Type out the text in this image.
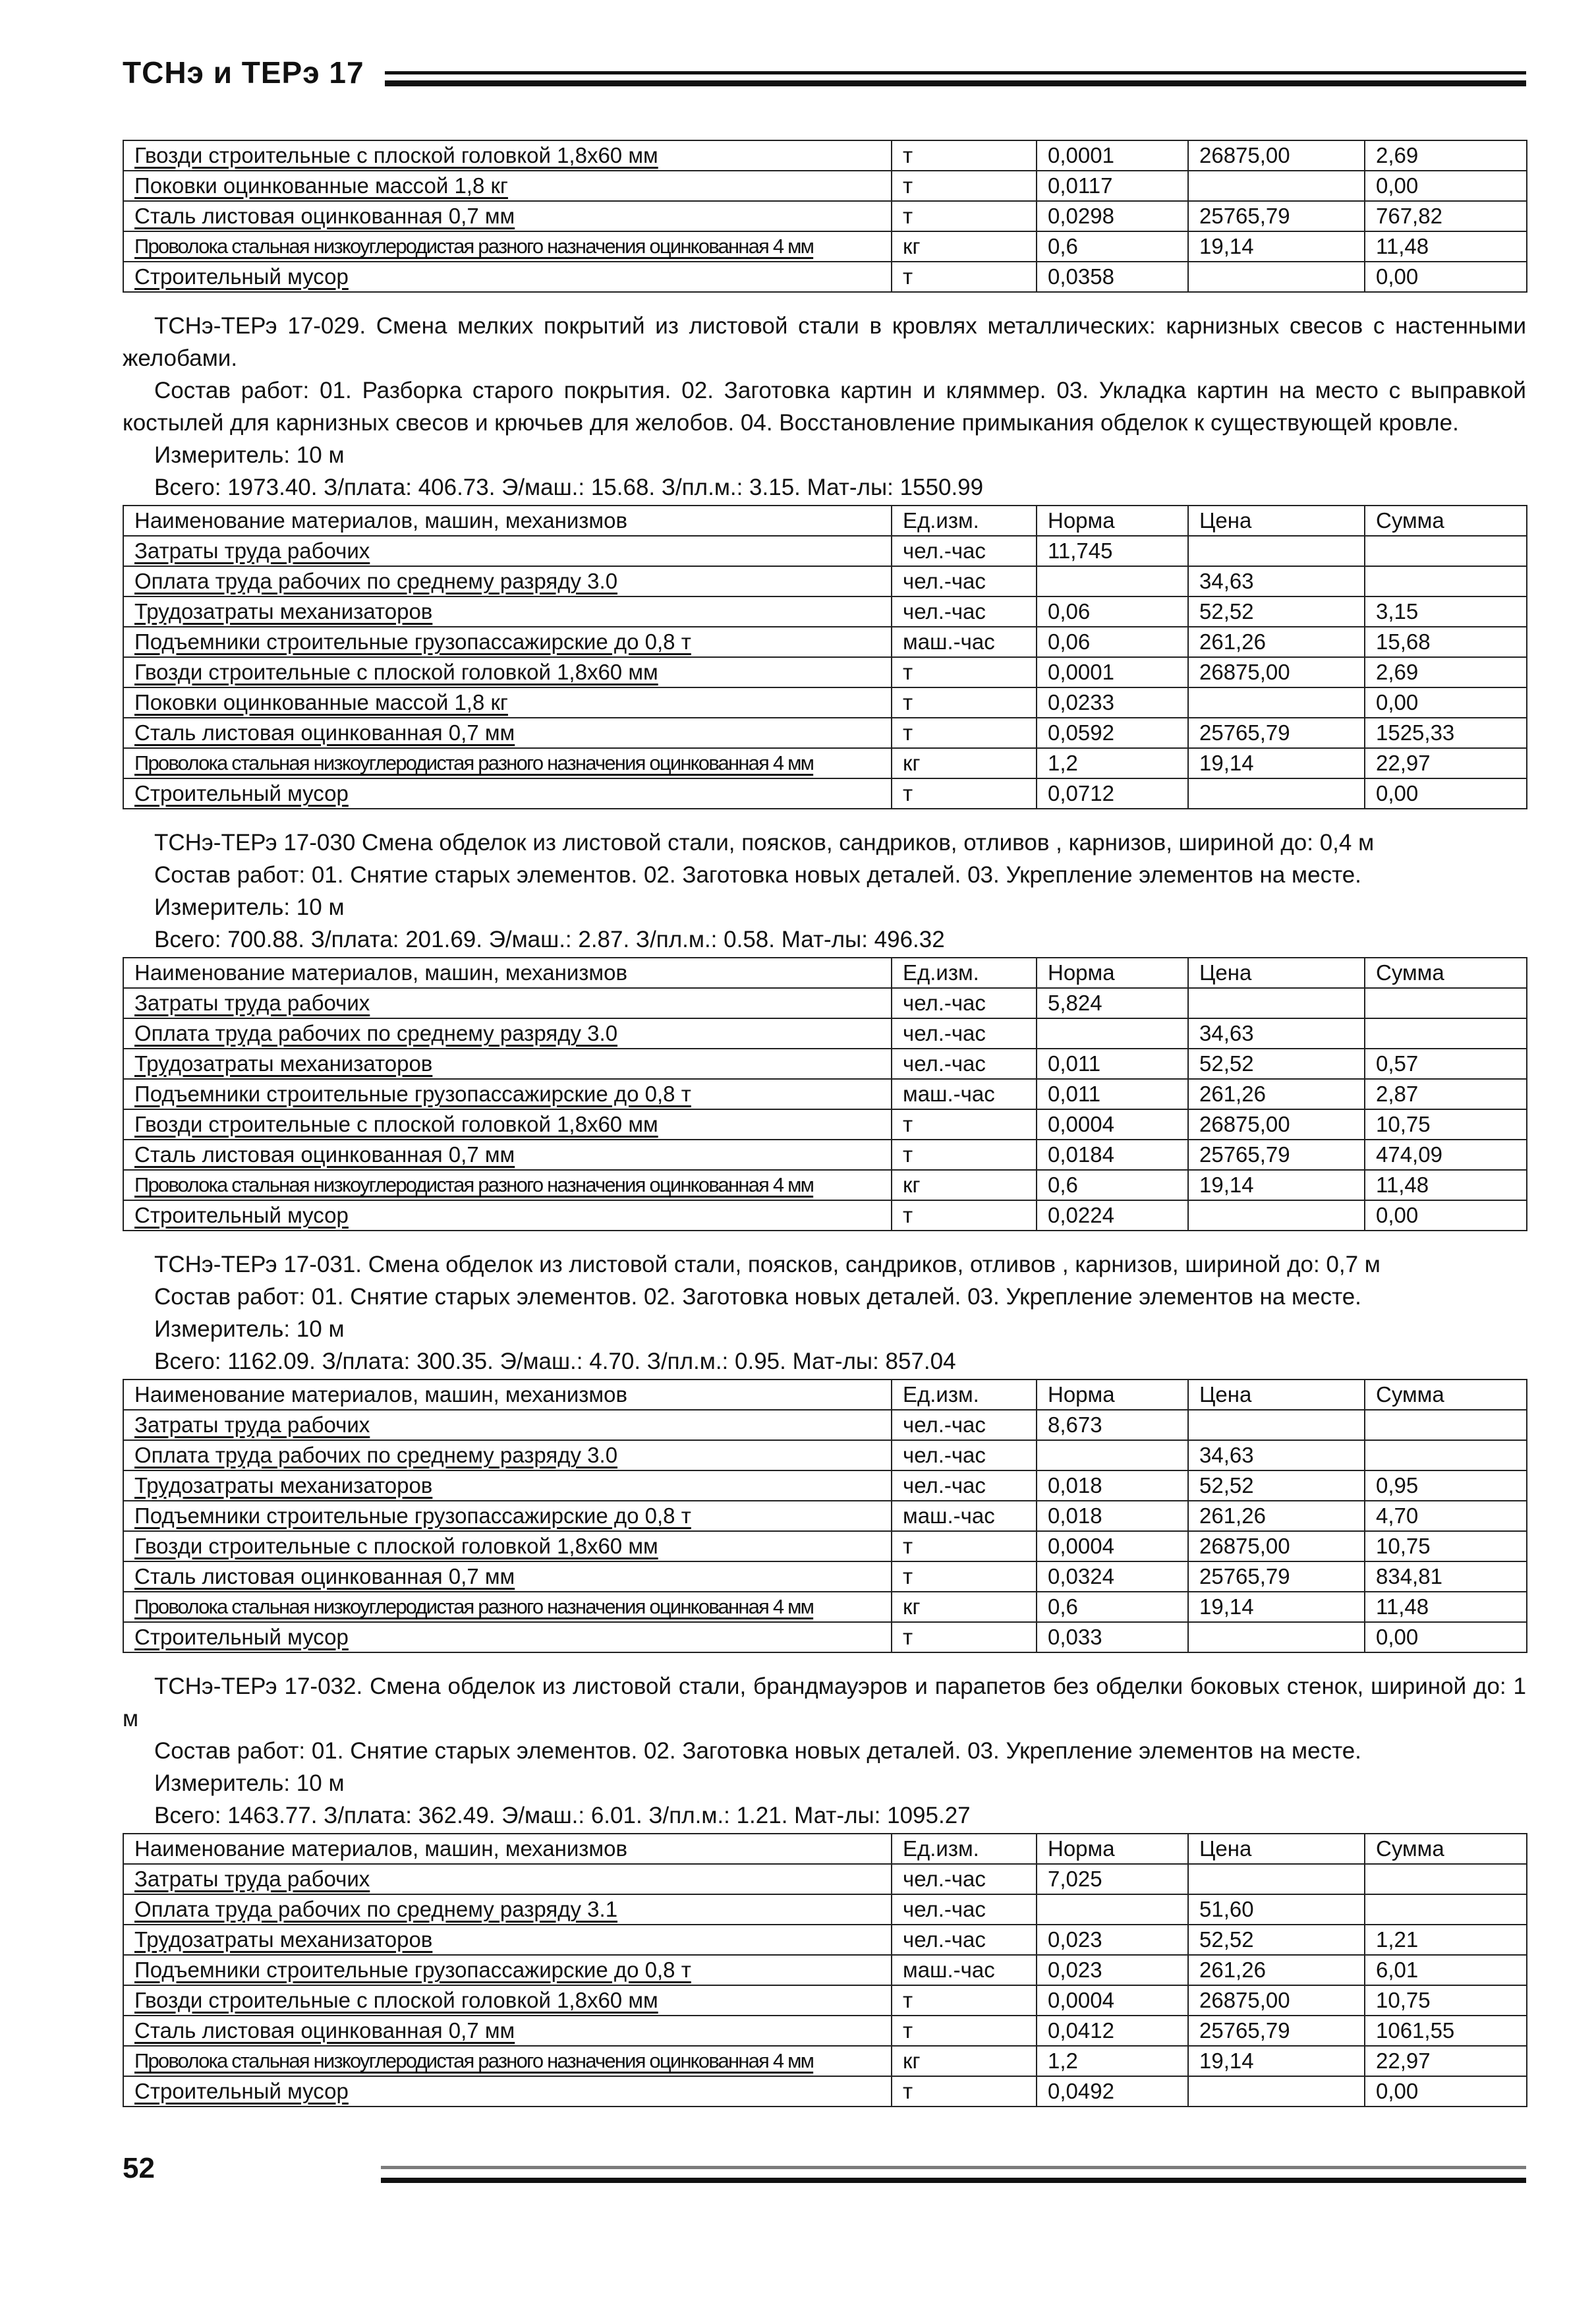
ТСНэ и ТЕРэ 17
Гвозди строительные с плоской головкой 1,8х60 мм	т	0,0001	26875,00	2,69
Поковки оцинкованные массой 1,8 кг	т	0,0117		0,00
Сталь листовая оцинкованная 0,7 мм	т	0,0298	25765,79	767,82
Проволока стальная низкоуглеродистая разного назначения оцинкованная 4 мм	кг	0,6	19,14	11,48
Строительный мусор	т	0,0358		0,00

ТСНэ-ТЕРэ 17-029. Смена мелких покрытий из листовой стали в кровлях металлических: карнизных свесов с настенными желобами.

Состав работ: 01. Разборка старого покрытия. 02. Заготовка картин и кляммер. 03. Укладка картин на место с выправкой костылей для карнизных свесов и крючьев для желобов. 04. Восстановление примыкания обделок к существующей кровле.

Измеритель: 10 м

Всего: 1973.40. З/плата: 406.73. Э/маш.: 15.68. З/пл.м.: 3.15. Мат-лы: 1550.99

Наименование материалов, машин, механизмов	Ед.изм.	Норма	Цена	Сумма
Затраты труда рабочих	чел.-час	11,745		
Оплата труда рабочих по среднему разряду 3.0	чел.-час		34,63	
Трудозатраты механизаторов	чел.-час	0,06	52,52	3,15
Подъемники строительные грузопассажирские до 0,8 т	маш.-час	0,06	261,26	15,68
Гвозди строительные с плоской головкой 1,8х60 мм	т	0,0001	26875,00	2,69
Поковки оцинкованные массой 1,8 кг	т	0,0233		0,00
Сталь листовая оцинкованная 0,7 мм	т	0,0592	25765,79	1525,33
Проволока стальная низкоуглеродистая разного назначения оцинкованная 4 мм	кг	1,2	19,14	22,97
Строительный мусор	т	0,0712		0,00

ТСНэ-ТЕРэ 17-030 Смена обделок из листовой стали, поясков, сандриков, отливов , карнизов, шириной до: 0,4 м

Состав работ: 01. Снятие старых элементов. 02. Заготовка новых деталей. 03. Укрепление элементов на месте.

Измеритель: 10 м

Всего: 700.88. З/плата: 201.69. Э/маш.: 2.87. З/пл.м.: 0.58. Мат-лы: 496.32

Наименование материалов, машин, механизмов	Ед.изм.	Норма	Цена	Сумма
Затраты труда рабочих	чел.-час	5,824		
Оплата труда рабочих по среднему разряду 3.0	чел.-час		34,63	
Трудозатраты механизаторов	чел.-час	0,011	52,52	0,57
Подъемники строительные грузопассажирские до 0,8 т	маш.-час	0,011	261,26	2,87
Гвозди строительные с плоской головкой 1,8х60 мм	т	0,0004	26875,00	10,75
Сталь листовая оцинкованная 0,7 мм	т	0,0184	25765,79	474,09
Проволока стальная низкоуглеродистая разного назначения оцинкованная 4 мм	кг	0,6	19,14	11,48
Строительный мусор	т	0,0224		0,00

ТСНэ-ТЕРэ 17-031. Смена обделок из листовой стали, поясков, сандриков, отливов , карнизов, шириной до: 0,7 м

Состав работ: 01. Снятие старых элементов. 02. Заготовка новых деталей. 03. Укрепление элементов на месте.

Измеритель: 10 м

Всего: 1162.09. З/плата: 300.35. Э/маш.: 4.70. З/пл.м.: 0.95. Мат-лы: 857.04

Наименование материалов, машин, механизмов	Ед.изм.	Норма	Цена	Сумма
Затраты труда рабочих	чел.-час	8,673		
Оплата труда рабочих по среднему разряду 3.0	чел.-час		34,63	
Трудозатраты механизаторов	чел.-час	0,018	52,52	0,95
Подъемники строительные грузопассажирские до 0,8 т	маш.-час	0,018	261,26	4,70
Гвозди строительные с плоской головкой 1,8х60 мм	т	0,0004	26875,00	10,75
Сталь листовая оцинкованная 0,7 мм	т	0,0324	25765,79	834,81
Проволока стальная низкоуглеродистая разного назначения оцинкованная 4 мм	кг	0,6	19,14	11,48
Строительный мусор	т	0,033		0,00

ТСНэ-ТЕРэ 17-032. Смена обделок из листовой стали, брандмауэров и парапетов без обделки боковых стенок, шириной до: 1 м

Состав работ: 01. Снятие старых элементов. 02. Заготовка новых деталей. 03. Укрепление элементов на месте.

Измеритель: 10 м

Всего: 1463.77. З/плата: 362.49. Э/маш.: 6.01. З/пл.м.: 1.21. Мат-лы: 1095.27

Наименование материалов, машин, механизмов	Ед.изм.	Норма	Цена	Сумма
Затраты труда рабочих	чел.-час	7,025		
Оплата труда рабочих по среднему разряду 3.1	чел.-час		51,60	
Трудозатраты механизаторов	чел.-час	0,023	52,52	1,21
Подъемники строительные грузопассажирские до 0,8 т	маш.-час	0,023	261,26	6,01
Гвозди строительные с плоской головкой 1,8х60 мм	т	0,0004	26875,00	10,75
Сталь листовая оцинкованная 0,7 мм	т	0,0412	25765,79	1061,55
Проволока стальная низкоуглеродистая разного назначения оцинкованная 4 мм	кг	1,2	19,14	22,97
Строительный мусор	т	0,0492		0,00
52
